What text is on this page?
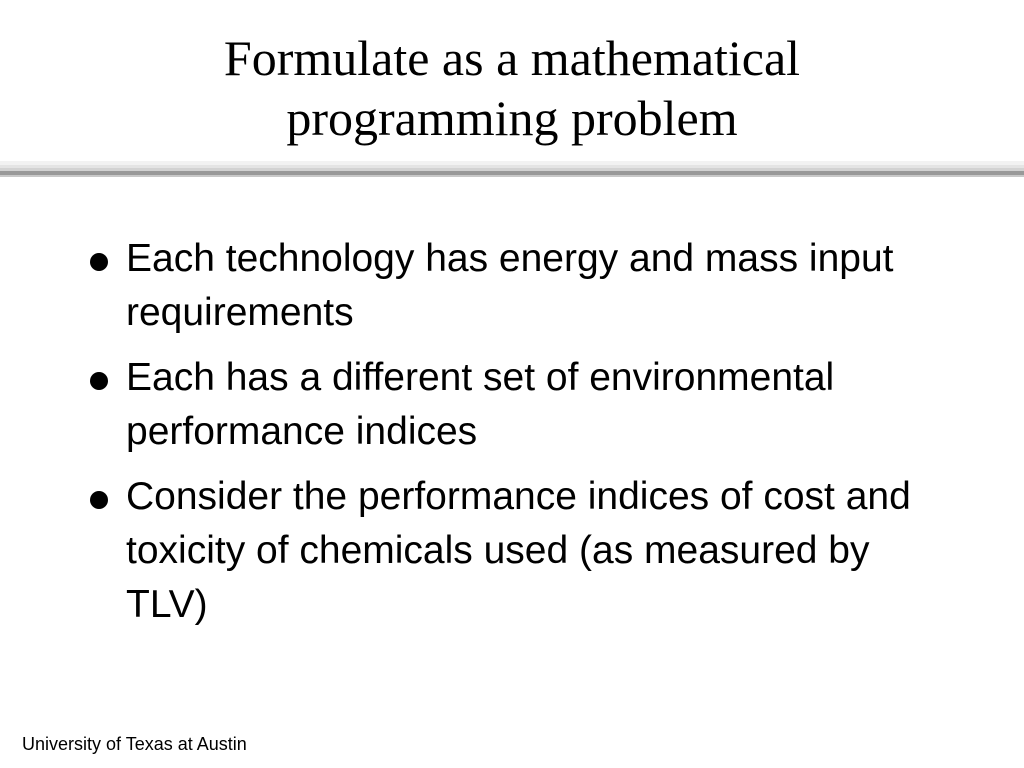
Formulate as a mathematical
programming problem
Each technology has energy and mass input requirements
Each has a different set of environmental performance indices
Consider the performance indices of cost and toxicity of chemicals used (as measured by TLV)
University of Texas at Austin
